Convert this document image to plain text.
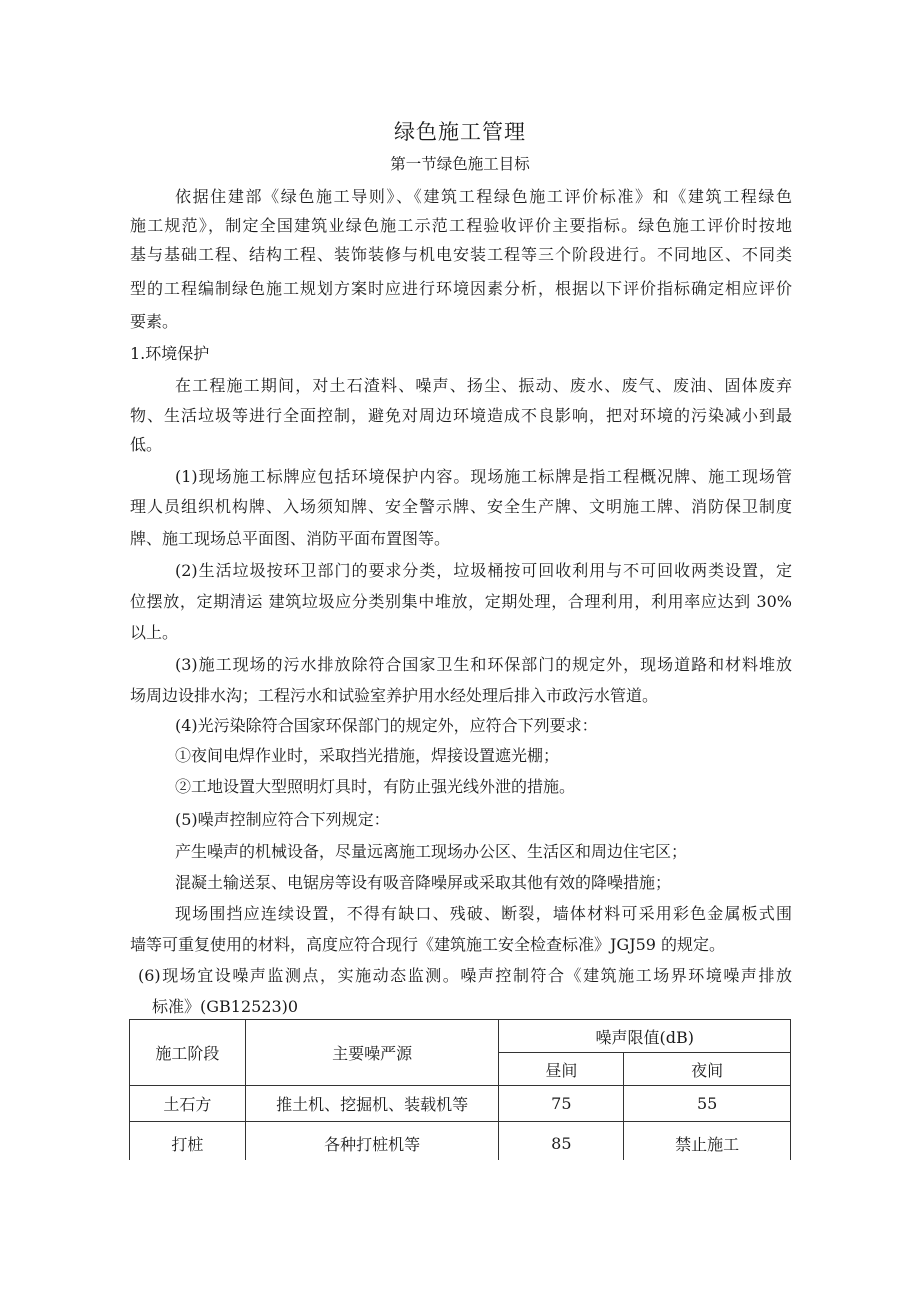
绿色施工管理
第一节绿色施工目标
依据住建部《绿色施工导则》、《建筑工程绿色施工评价标准》和《建筑工程绿色
施工规范》，制定全国建筑业绿色施工示范工程验收评价主要指标。绿色施工评价时按地
基与基础工程、结构工程、装饰装修与机电安装工程等三个阶段进行。不同地区、不同类
型的工程编制绿色施工规划方案时应进行环境因素分析，根据以下评价指标确定相应评价
要素。
1.环境保护
在工程施工期间，对土石渣料、噪声、扬尘、振动、废水、废气、废油、固体废弃
物、生活垃圾等进行全面控制，避免对周边环境造成不良影响，把对环境的污染减小到最
低。
(1)现场施工标牌应包括环境保护内容。现场施工标牌是指工程概况牌、施工现场管
理人员组织机构牌、入场须知牌、安全警示牌、安全生产牌、文明施工牌、消防保卫制度
牌、施工现场总平面图、消防平面布置图等。
(2)生活垃圾按环卫部门的要求分类，垃圾桶按可回收利用与不可回收两类设置，定
位摆放，定期清运 建筑垃圾应分类别集中堆放，定期处理，合理利用，利用率应达到 30%
以上。
(3)施工现场的污水排放除符合国家卫生和环保部门的规定外，现场道路和材料堆放
场周边设排水沟；工程污水和试验室养护用水经处理后排入市政污水管道。
(4)光污染除符合国家环保部门的规定外，应符合下列要求：
①夜间电焊作业时，采取挡光措施，焊接设置遮光棚；
②工地设置大型照明灯具时，有防止强光线外泄的措施。
(5)噪声控制应符合下列规定：
产生噪声的机械设备，尽量远离施工现场办公区、生活区和周边住宅区；
混凝土输送泵、电锯房等设有吸音降噪屏或采取其他有效的降噪措施；
现场围挡应连续设置，不得有缺口、残破、断裂，墙体材料可采用彩色金属板式围
墙等可重复使用的材料，高度应符合现行《建筑施工安全检查标准》JGJ59 的规定。
(6)现场宜设噪声监测点，实施动态监测。噪声控制符合《建筑施工场界环境噪声排放
标准》(GB12523)0
施工阶段	主要噪严源	噪声限值(dB)	
		昼间	夜间
土石方	推土机、挖掘机、装载机等	75	55
打桩	各种打桩机等	85	禁止施工
